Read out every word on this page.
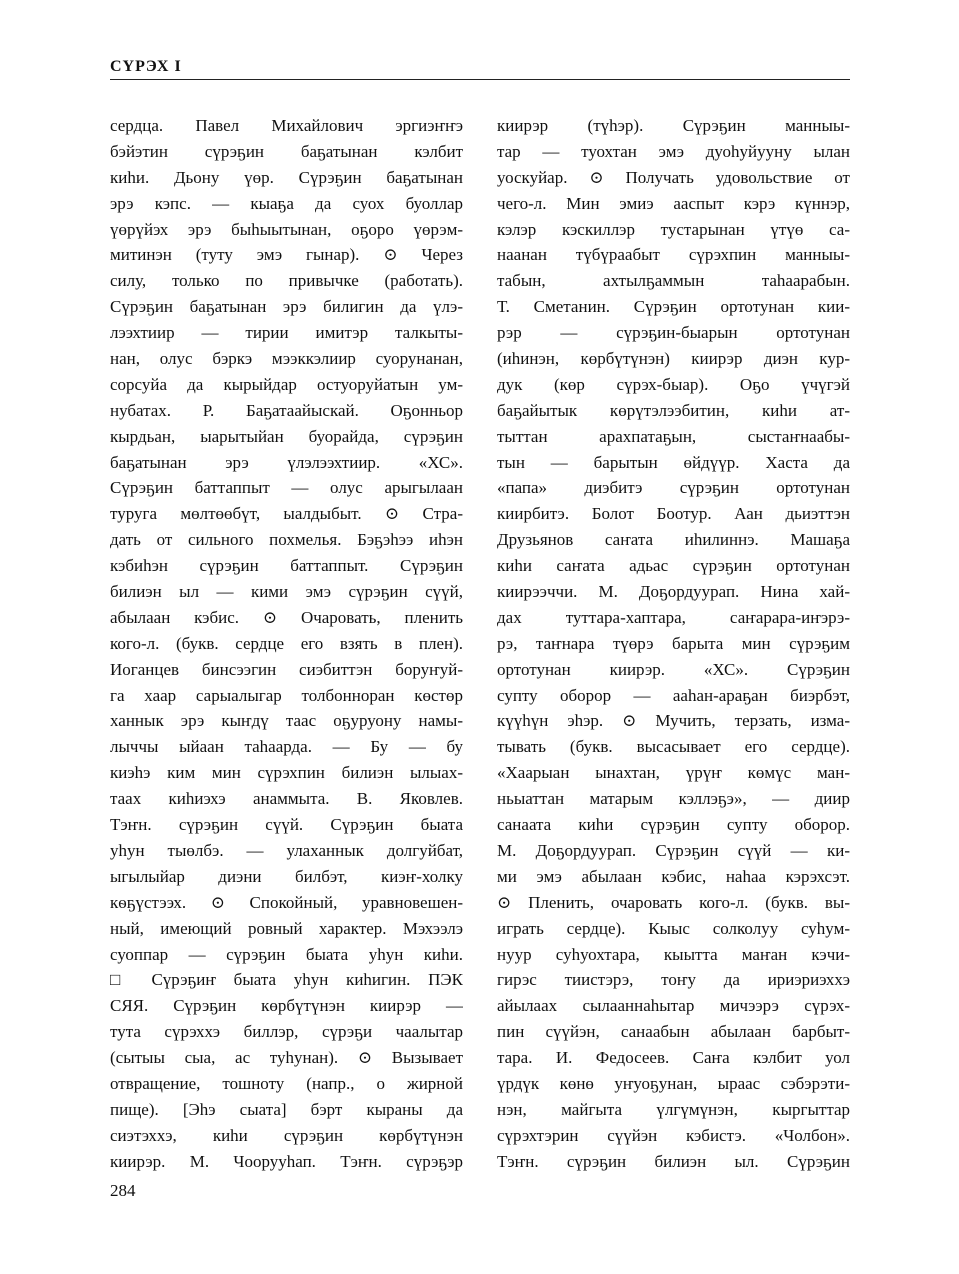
СҮРЭХ I
сердца. Павел Михайлович эргиэҥҥэ
бэйэтин сүрэҕин баҕатынан кэлбит
киһи. Дьону үөр. Сүрэҕин баҕатынан
эрэ кэпс. — кыаҕа да суох буоллар
үөрүйэх эрэ быһыытынан, оҕоро үөрэм-
митинэн (туту эмэ гынар). ⊙ Через
силу, только по привычке (работать).
Сүрэҕин баҕатынан эрэ билигин да үлэ-
лээхтиир — тирии имитэр талкыты-
нан, олус бэркэ мээккэлиир суорунанан,
сорсуйа да кырыйдар остуоруйатын ум-
нубатах. Р. Баҕатаайыскай. Оҕонньор
кырдьан, ыарытыйан буорайда, сүрэҕин
баҕатынан эрэ үлэлээхтиир. «ХС».
Сүрэҕин баттаппыт — олус арыгылаан
туруга мөлтөөбүт, ыалдыбыт. ⊙ Стра-
дать от сильного похмелья. Бэҕэһээ иһэн
кэбиһэн сүрэҕин баттаппыт. Сүрэҕин
билиэн ыл — кими эмэ сүрэҕин сүүй,
абылаан кэбис. ⊙ Очаровать, пленить
кого-л. (букв. сердце его взять в плен).
Иоганцев бинсээгин сиэбиттэн боруҥуй-
га хаар сарыалыгар толбонноран көстөр
ханнык эрэ кыҥдү таас оҕуруону намы-
лыччы ыйаан таһаарда. — Бу — бу
киэһэ ким мин сүрэхпин билиэн ылыах-
таах киһиэхэ анаммыта. В. Яковлев.
Тэҥн. сүрэҕин сүүй. Сүрэҕин быата
уһун тыөлбэ. — улаханнык долгуйбат,
ыгылыйар диэни билбэт, киэҥ-холку
кѳҕүстээх. ⊙ Спокойный, уравновешен-
ный, имеющий ровный характер. Мэхээлэ
суоппар — сүрэҕин быата уһун киһи.
□ Сүрэҕиҥ быата уһун киһигин. ПЭК
СЯЯ. Сүрэҕин көрбүтүнэн киирэр —
тута сүрэххэ биллэр, сүрэҕи чаалытар
(сытыы сыа, ас туһунан). ⊙ Вызывает
отвращение, тошноту (напр., о жирной
пище). [Эһэ сыата] бэрт кыраны да
сиэтэххэ, киһи сүрэҕин көрбүтүнэн
киирэр. М. Чоорууһап. Тэҥн. сүрэҕэр
киирэр (түһэр). Сүрэҕин манныы-
тар — туохтан эмэ дуоһуйууну ылан
уоскуйар. ⊙ Получать удовольствие от
чего-л. Мин эмиэ ааспыт кэрэ күннэр,
кэлэр кэскиллэр тустарынан үтүө са-
наанан түбүраабыт сүрэхпин манныы-
табын, ахтылҕаммын таһаарабын.
Т. Сметанин. Сүрэҕин ортотунан кии-
рэр — сүрэҕин-быарын ортотунан
(иһинэн, көрбүтүнэн) киирэр диэн кур-
дук (көр сүрэх-быар). Оҕо үчүгэй
баҕайытык көрүтэлээбитин, киһи ат-
тыттан арахпатаҕын, сыстаҥнаабы-
тын — барытын өйдүүр. Хаста да
«папа» диэбитэ сүрэҕин ортотунан
киирбитэ. Болот Боотур. Аан дьиэттэн
Друзьянов саҥата иһилиннэ. Машаҕа
киһи саҥата адьас сүрэҕин ортотунан
киирээччи. М. Доҕордуурап. Нина хай-
дах туттара-хаптара, саҥарара-иҥэрэ-
рэ, таҥнара түөрэ барыта мин сүрэҕим
ортотунан киирэр. «ХС». Сүрэҕин
супту оборор — ааһан-араҕан биэрбэт,
күүһүн эһэр. ⊙ Мучить, терзать, изма-
тывать (букв. высасывает его сердце).
«Хаарыан ынахтан, үрүҥ көмүс ман-
ньыаттан матарым кэллэҕэ», — диир
санаата киһи сүрэҕин супту оборор.
М. Доҕордуурап. Сүрэҕин сүүй — ки-
ми эмэ абылаан кэбис, наһаа кэрэхсэт.
⊙ Пленить, очаровать кого-л. (букв. вы-
играть сердце). Кыыс солколуу суһум-
нуур суһуохтара, кыытта маҥан кэчи-
гирэс тиистэрэ, тоҥу да ириэриэххэ
айылаах сылааннаһытар мичээрэ сүрэх-
пин сүүйэн, санаабын абылаан барбыт-
тара. И. Федосеев. Саҥа кэлбит уол
үрдүк көнө уҥуоҕунан, ыраас сэбэрэти-
нэн, майгыта үлгүмүнэн, кыргыттар
сүрэхтэрин сүүйэн кэбистэ. «Чолбон».
Тэҥн. сүрэҕин билиэн ыл. Сүрэҕин
284
